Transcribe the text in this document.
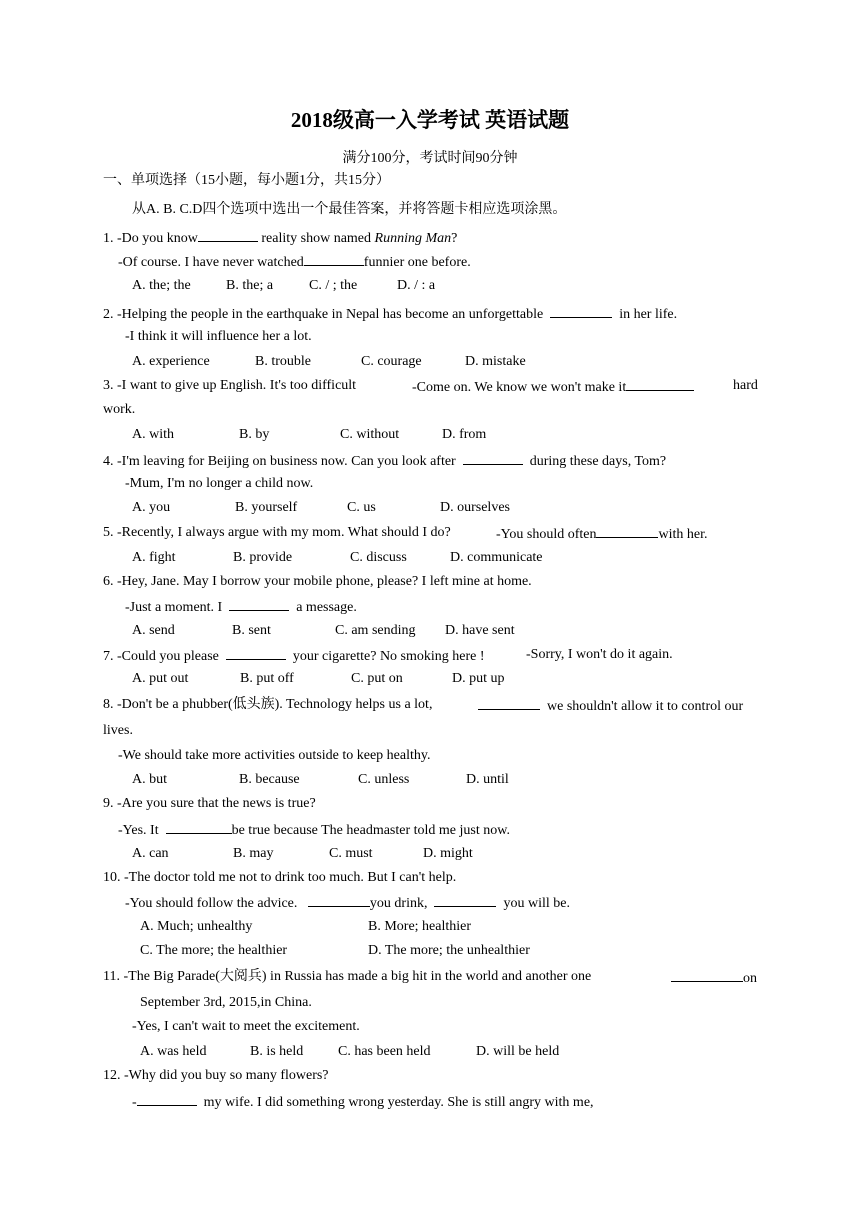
2018级高一入学考试 英语试题
满分100分，考试时间90分钟
一、单项选择（15小题，每小题1分，共15分）
从A. B. C.D四个选项中选出一个最佳答案，并将答题卡相应选项涂黑。
1. -Do you know	reality show named Running Man?
-Of course. I have never watched	funnier one before.
A. the; the	B. the; a	C. / ; the	D. / : a
2. -Helping the people in the earthquake in Nepal has become an unforgettable	in her life.
-I think it will influence her a lot.
A. experience	B. trouble	C. courage	D. mistake
3. -I want to give up English. It's too difficult	-Come on. We know we won't make it	hard
work.
A. with	B. by	C. without	D. from
4. -I'm leaving for Beijing on business now. Can you look after	during these days, Tom?
-Mum, I'm no longer a child now.
A. you	B. yourself	C. us	D. ourselves
5. -Recently, I always argue with my mom. What should I do?	-You should often	with her.
A. fight	B. provide	C. discuss	D. communicate
6. -Hey, Jane. May I borrow your mobile phone, please? I left mine at home.
-Just a moment. I	a message.
A. send	B. sent	C. am sending D. have sent
7. -Could you please	your cigarette? No smoking here !	-Sorry, I won't do it again.
A. put out	B. put off	C. put on	D. put up
8. -Don't be a phubber(低头族). Technology helps us a lot,	we shouldn't allow it to control our
lives.
-We should take more activities outside to keep healthy.
A. but	B. because	C. unless	D. until
9. -Are you sure that the news is true?
-Yes. It	be true because The headmaster told me just now.
A. can	B. may	C. must	D. might
10. -The doctor told me not to drink too much. But I can't help.
-You should follow the advice.	you drink,	you will be.
A. Much; unhealthy	B. More; healthier
C. The more; the healthier	D. The more; the unhealthier
11. -The Big Parade(大阅兵) in Russia has made a big hit in the world and another one	on
September 3rd, 2015,in China.
-Yes, I can't wait to meet the excitement.
A. was held	B. is held C. has been held	D. will be held
12. -Why did you buy so many flowers?
-	my wife. I did something wrong yesterday. She is still angry with me,
